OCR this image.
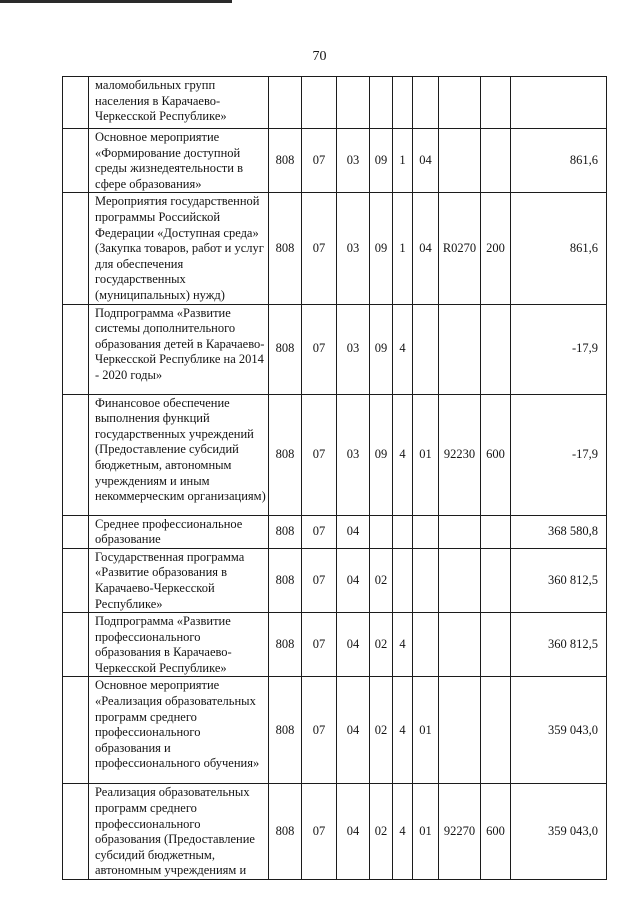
70
	маломобильных групп населения в Карачаево-Черкесской Республике»									
	Основное мероприятие «Формирование доступной среды жизнедеятельности в сфере образования»	808	07	03	09	1	04			861,6
	Мероприятия государственной программы Российской Федерации «Доступная среда» (Закупка товаров, работ и услуг для обеспечения государственных (муниципальных) нужд)	808	07	03	09	1	04	R0270	200	861,6
	Подпрограмма «Развитие системы дополнительного образования детей в Карачаево-Черкесской Республике на 2014 - 2020 годы»	808	07	03	09	4				-17,9
	Финансовое обеспечение выполнения функций государственных учреждений (Предоставление субсидий бюджетным, автономным учреждениям и иным некоммерческим организациям)	808	07	03	09	4	01	92230	600	-17,9
	Среднее профессиональное образование	808	07	04						368 580,8
	Государственная программа «Развитие образования в Карачаево-Черкесской Республике»	808	07	04	02					360 812,5
	Подпрограмма «Развитие профессионального образования в Карачаево-Черкесской Республике»	808	07	04	02	4				360 812,5
	Основное мероприятие «Реализация образовательных программ среднего профессионального образования и профессионального обучения»	808	07	04	02	4	01			359 043,0
	Реализация образовательных программ среднего профессионального образования (Предоставление субсидий бюджетным, автономным учреждениям и	808	07	04	02	4	01	92270	600	359 043,0
